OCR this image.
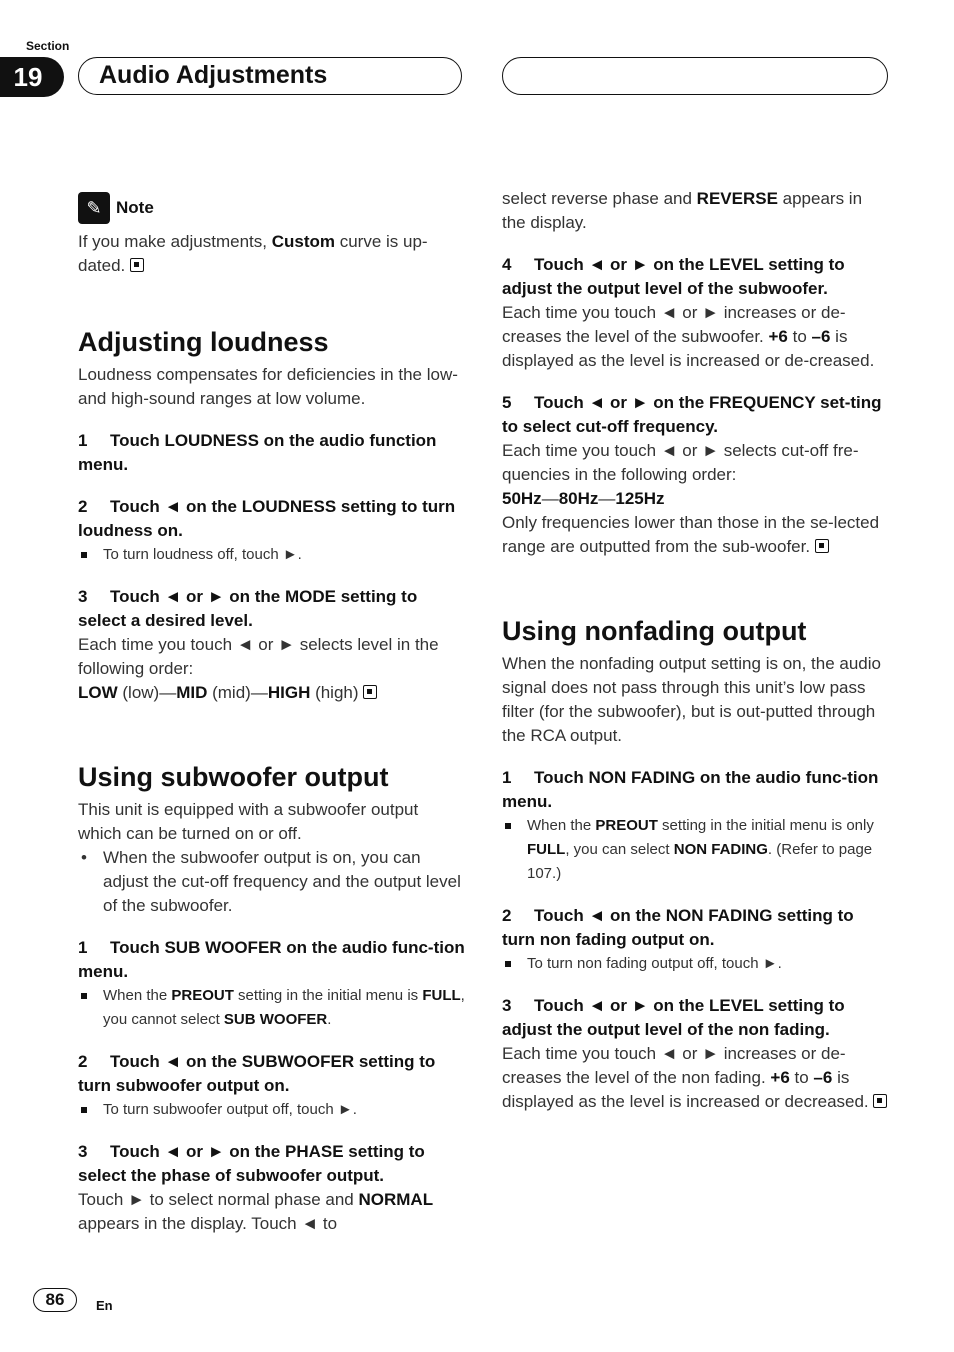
Section
19	Audio Adjustments
✎ Note

If you make adjustments, Custom curve is up-dated.

Adjusting loudness

Loudness compensates for deficiencies in the low- and high-sound ranges at low volume.

1 Touch LOUDNESS on the audio function menu.

2 Touch ◄ on the LOUDNESS setting to turn loudness on.

To turn loudness off, touch ►.

3 Touch ◄ or ► on the MODE setting to select a desired level.

Each time you touch ◄ or ► selects level in the following order:

LOW (low)—MID (mid)—HIGH (high)

Using subwoofer output

This unit is equipped with a subwoofer output which can be turned on or off.

• When the subwoofer output is on, you can adjust the cut-off frequency and the output level of the subwoofer.

1 Touch SUB WOOFER on the audio func-tion menu.

When the PREOUT setting in the initial menu is FULL, you cannot select SUB WOOFER.

2 Touch ◄ on the SUBWOOFER setting to turn subwoofer output on.

To turn subwoofer output off, touch ►.

3 Touch ◄ or ► on the PHASE setting to select the phase of subwoofer output.

Touch ► to select normal phase and NORMAL appears in the display. Touch ◄ to

select reverse phase and REVERSE appears in the display.

4 Touch ◄ or ► on the LEVEL setting to adjust the output level of the subwoofer.

Each time you touch ◄ or ► increases or de-creases the level of the subwoofer. +6 to –6 is displayed as the level is increased or de-creased.

5 Touch ◄ or ► on the FREQUENCY set-ting to select cut-off frequency.

Each time you touch ◄ or ► selects cut-off fre-quencies in the following order:

50Hz—80Hz—125Hz

Only frequencies lower than those in the se-lected range are outputted from the sub-woofer.

Using nonfading output

When the nonfading output setting is on, the audio signal does not pass through this unit’s low pass filter (for the subwoofer), but is out-putted through the RCA output.

1 Touch NON FADING on the audio func-tion menu.

When the PREOUT setting in the initial menu is only FULL, you can select NON FADING. (Refer to page 107.)

2 Touch ◄ on the NON FADING setting to turn non fading output on.

To turn non fading output off, touch ►.

3 Touch ◄ or ► on the LEVEL setting to adjust the output level of the non fading.

Each time you touch ◄ or ► increases or de-creases the level of the non fading. +6 to –6 is displayed as the level is increased or decreased.

86	En
